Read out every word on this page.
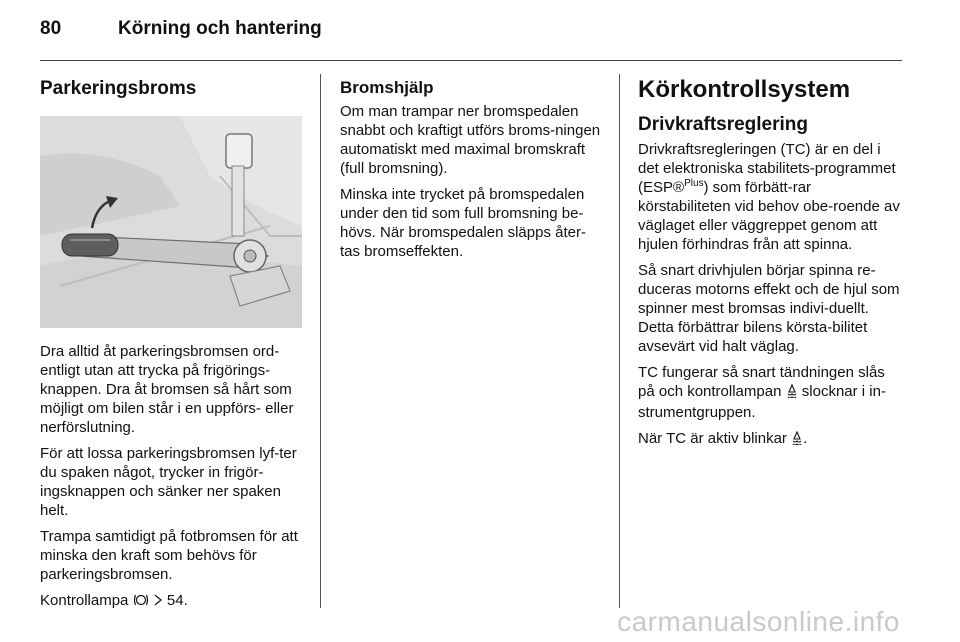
80	Körning och hantering
Parkeringsbroms

Dra alltid åt parkeringsbromsen ord-entligt utan att trycka på frigörings-knappen. Dra åt bromsen så hårt som möjligt om bilen står i en uppförs- eller nerförslutning.

För att lossa parkeringsbromsen lyf-ter du spaken något, trycker in frigör-ingsknappen och sänker ner spaken helt.

Trampa samtidigt på fotbromsen för att minska den kraft som behövs för parkeringsbromsen.

Kontrollampa	54.

Bromshjälp

Om man trampar ner bromspedalen snabbt och kraftigt utförs broms-ningen automatiskt med maximal bromskraft (full bromsning).

Minska inte trycket på bromspedalen under den tid som full bromsning be-hövs. När bromspedalen släpps åter-tas bromseffekten.

Körkontrollsystem
Drivkraftsreglering

Drivkraftsregleringen (TC) är en del i det elektroniska stabilitets-programmet (ESP®$^{Plus}$) som förbätt-rar körstabiliteten vid behov obe-roende av väglaget eller väggreppet genom att hjulen förhindras från att spinna.

Så snart drivhjulen börjar spinna re-duceras motorns effekt och de hjul som spinner mest bromsas indivi-duellt. Detta förbättrar bilens körsta-bilitet avsevärt vid halt väglag.

TC fungerar så snart tändningen slås på och kontrollampan slocknar i in-strumentgruppen.

När TC är aktiv blinkar .

carmanualsonline.info
